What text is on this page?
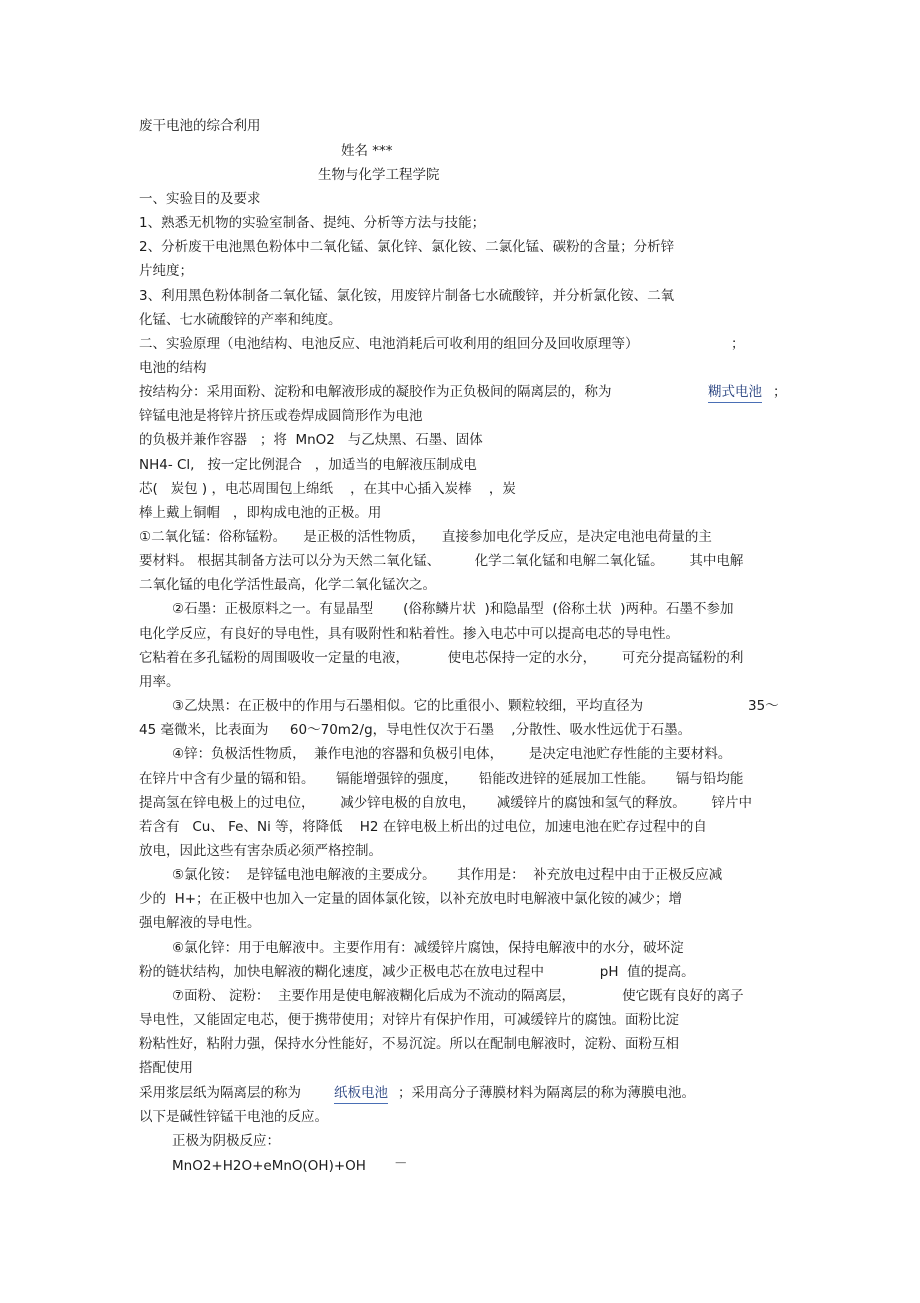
废干电池的综合利用
姓名 ***
生物与化学工程学院
一、实验目的及要求
1、熟悉无机物的实验室制备、提纯、分析等方法与技能；
2、分析废干电池黑色粉体中二氧化锰、氯化锌、氯化铵、二氯化锰、碳粉的含量；分析锌
片纯度；
3、利用黑色粉体制备二氧化锰、氯化铵，用废锌片制备七水硫酸锌，并分析氯化铵、二氧
化锰、七水硫酸锌的产率和纯度。
二、实验原理（电池结构、电池反应、电池消耗后可收利用的组回分及回收原理等）	；
电池的结构
按结构分：采用面粉、淀粉和电解液形成的凝胶作为正负极间的隔离层的，称为	糊式电池 ；
锌锰电池是将锌片挤压或卷焊成圆筒形作为电池
的负极并兼作容器   ；将  MnO2   与乙炔黑、石墨、固体
NH4- Cl,   按一定比例混合   ，加适当的电解液压制成电
芯(   炭包 ) ，电芯周围包上绵纸    ，在其中心插入炭棒    ，炭
棒上戴上铜帽   ，即构成电池的正极。用
①二氧化锰：俗称锰粉。    是正极的活性物质，    直接参加电化学反应，是决定电池电荷量的主
要材料。 根据其制备方法可以分为天然二氧化锰、        化学二氧化锰和电解二氧化锰。      其中电解
二氧化锰的电化学活性最高，化学二氧化锰次之。
②石墨：正极原料之一。有显晶型       (俗称鳞片状  )和隐晶型  (俗称土状  )两种。石墨不参加
电化学反应，有良好的导电性，具有吸附性和粘着性。掺入电芯中可以提高电芯的导电性。
它粘着在多孔锰粉的周围吸收一定量的电液，         使电芯保持一定的水分，      可充分提高锰粉的利
用率。
③乙炔黑：在正极中的作用与石墨相似。它的比重很小、颗粒较细，平均直径为	35～
45 毫微米，比表面为     60～70m2/g，导电性仅次于石墨    ,分散性、吸水性远优于石墨。
④锌：负极活性物质，  兼作电池的容器和负极引电体，      是决定电池贮存性能的主要材料。
在锌片中含有少量的镉和铅。     镉能增强锌的强度，     铅能改进锌的延展加工性能。     镉与铅均能
提高氢在锌电极上的过电位，      减少锌电极的自放电，     减缓锌片的腐蚀和氢气的释放。      锌片中
若含有   Cu、 Fe、Ni 等，将降低    H2 在锌电极上析出的过电位，加速电池在贮存过程中的自
放电，因此这些有害杂质必须严格控制。
⑤氯化铵：  是锌锰电池电解液的主要成分。     其作用是：  补充放电过程中由于正极反应减
少的  H+；在正极中也加入一定量的固体氯化铵，以补充放电时电解液中氯化铵的减少；增
强电解液的导电性。
⑥氯化锌：用于电解液中。主要作用有：减缓锌片腐蚀，保持电解液中的水分，破坏淀
粉的链状结构，加快电解液的糊化速度，减少正极电芯在放电过程中             pH  值的提高。
⑦面粉、 淀粉：  主要作用是使电解液糊化后成为不流动的隔离层，           使它既有良好的离子
导电性，又能固定电芯，便于携带使用；对锌片有保护作用，可减缓锌片的腐蚀。面粉比淀
粉粘性好，粘附力强，保持水分性能好，不易沉淀。所以在配制电解液时，淀粉、面粉互相
搭配使用
采用浆层纸为隔离层的称为 纸板电池 ；采用高分子薄膜材料为隔离层的称为薄膜电池。
以下是碱性锌锰干电池的反应。
正极为阴极反应：
MnO2+H2O+eMnO(OH)+OH －
